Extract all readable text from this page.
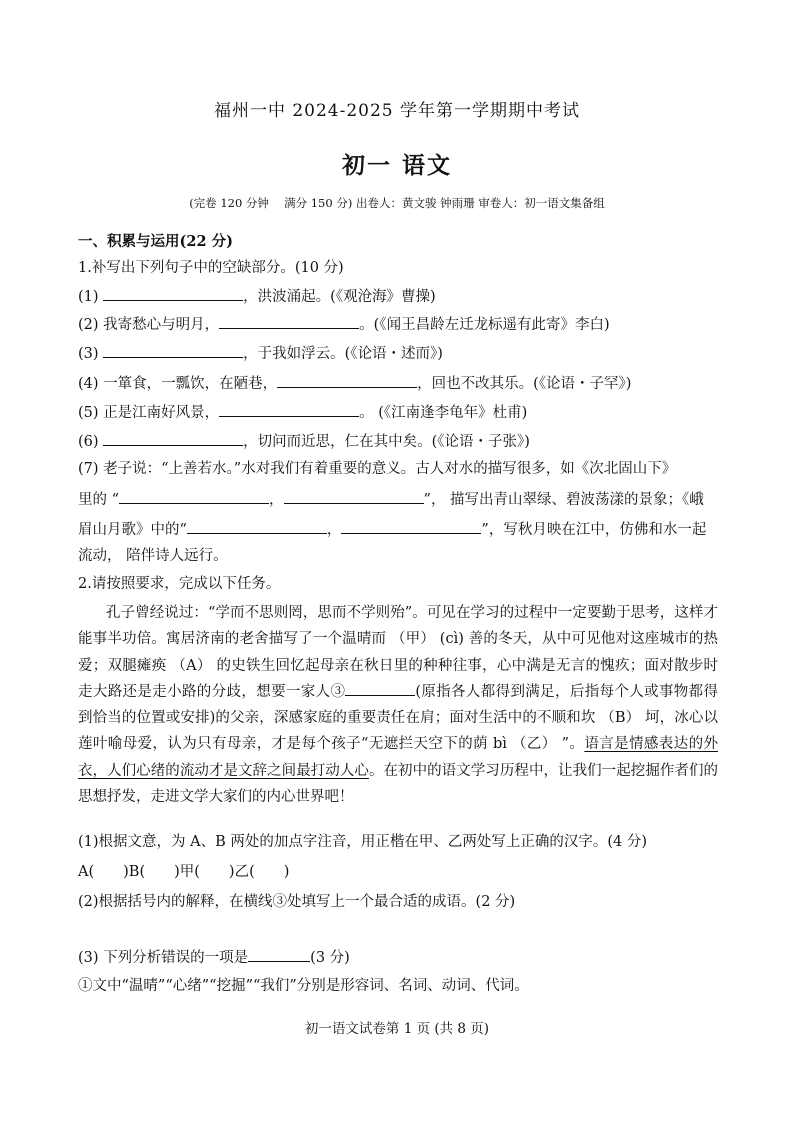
福州一中 2024-2025 学年第一学期期中考试
初一 语文
(完卷 120 分钟　 满分 150 分) 出卷人：黄文骏 钟雨珊 审卷人：初一语文集备组
一、积累与运用(22 分)
1.补写出下列句子中的空缺部分。(10 分)
(1)	，洪波涌起。(《观沧海》曹操)
(2) 我寄愁心与明月，	。(《闻王昌龄左迁龙标遥有此寄》李白)
(3)	，于我如浮云。(《论语・述而》)
(4) 一箪食，一瓢饮，在陋巷，	，回也不改其乐。(《论语・子罕》)
(5) 正是江南好风景，	。 (《江南逢李龟年》杜甫)
(6)	，切问而近思，仁在其中矣。(《论语・子张》)
(7) 老子说：“上善若水。”水对我们有着重要的意义。古人对水的描写很多，如《次北固山下》
里的 “	，	”， 描写出青山翠绿、碧波荡漾的景象；《峨
眉山月歌》中的“	，	”，写秋月映在江中，仿佛和水一起
流动， 陪伴诗人远行。
2.请按照要求，完成以下任务。
孔子曾经说过：“学而不思则罔，思而不学则殆”。可见在学习的过程中一定要勤于思考，这样才能事半功倍。寓居济南的老舍描写了一个温晴而 （甲） (cì) 善的冬天，从中可见他对这座城市的热爱；双腿瘫痪 （A） 的史铁生回忆起母亲在秋日里的种种往事，心中满是无言的愧疚；面对散步时走大路还是走小路的分歧，想要一家人③	(原指各人都得到满足，后指每个人或事物都得到恰当的位置或安排)的父亲，深感家庭的重要责任在肩；面对生活中的不顺和坎 （B） 坷，冰心以莲叶喻母爱，认为只有母亲，才是每个孩子“无遮拦天空下的荫 bì （乙） ”。语言是情感表达的外衣，人们心绪的流动才是文辞之间最打动人心。在初中的语文学习历程中，让我们一起挖掘作者们的思想抒发，走进文学大家们的内心世界吧！
(1)根据文意，为 A、B 两处的加点字注音，用正楷在甲、乙两处写上正确的汉字。(4 分)
A(　　)B(　　)甲(　　)乙(　　)
(2)根据括号内的解释，在横线③处填写上一个最合适的成语。(2 分)
(3) 下列分析错误的一项是	(3 分)
①文中“温晴”“心绪”“挖掘”“我们”分别是形容词、名词、动词、代词。
初一语文试卷第 1 页 (共 8 页)
